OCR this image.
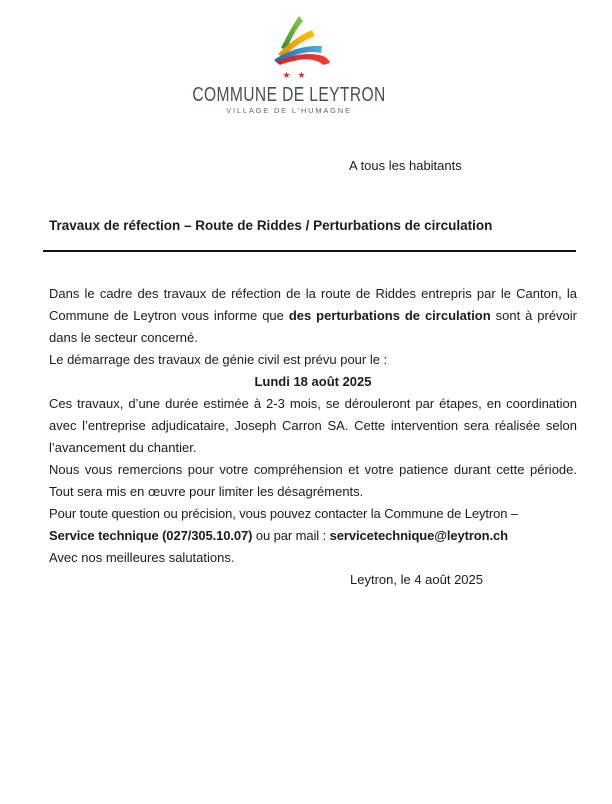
★ ★
COMMUNE DE LEYTRON
VILLAGE DE L’HUMAGNE
A tous les habitants
Travaux de réfection – Route de Riddes / Perturbations de circulation

Dans le cadre des travaux de réfection de la route de Riddes entrepris par le Canton, la Commune de Leytron vous informe que des perturbations de circulation sont à prévoir dans le secteur concerné.

Le démarrage des travaux de génie civil est prévu pour le :

Lundi 18 août 2025

Ces travaux, d’une durée estimée à 2-3 mois, se dérouleront par étapes, en coordination avec l’entreprise adjudicataire, Joseph Carron SA. Cette intervention sera réalisée selon l’avancement du chantier.

Nous vous remercions pour votre compréhension et votre patience durant cette période. Tout sera mis en œuvre pour limiter les désagréments.

Pour toute question ou précision, vous pouvez contacter la Commune de Leytron –
Service technique (027/305.10.07) ou par mail : servicetechnique@leytron.ch

Avec nos meilleures salutations.

Leytron, le 4 août 2025
